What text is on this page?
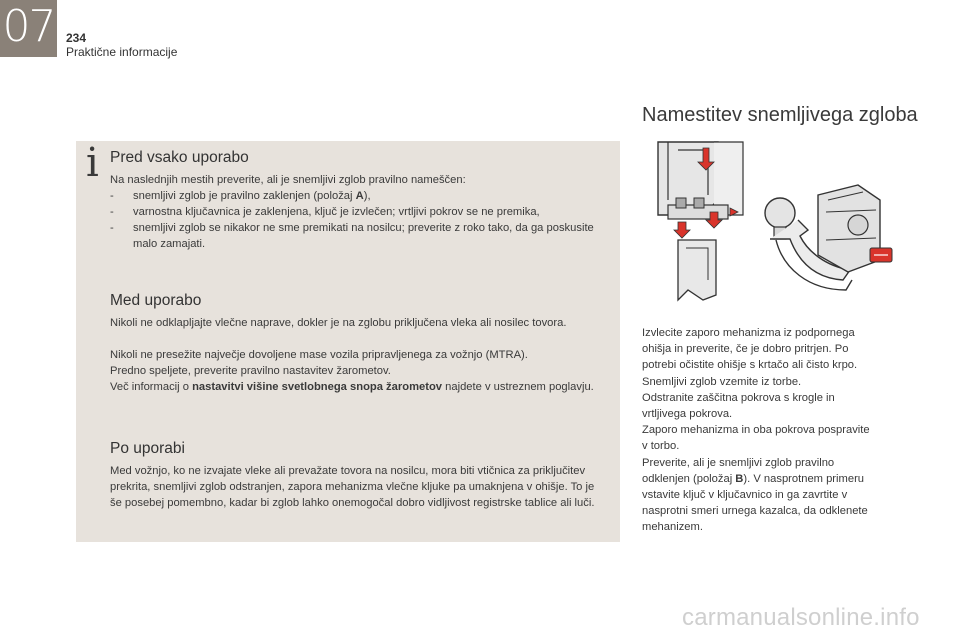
07 234
Praktične informacije
i Pred vsako uporabo
Na naslednjih mestih preverite, ali je snemljivi zglob pravilno nameščen:
- snemljivi zglob je pravilno zaklenjen (položaj A),
- varnostna ključavnica je zaklenjena, ključ je izvlečen; vrtljivi pokrov se ne premika,
- snemljivi zglob se nikakor ne sme premikati na nosilcu; preverite z roko tako, da ga poskusite malo zamajati.
Med uporabo
Nikoli ne odklapljajte vlečne naprave, dokler je na zglobu priključena vleka ali nosilec tovora.
Nikoli ne presežite največje dovoljene mase vozila pripravljenega za vožnjo (MTRA).
Predno speljete, preverite pravilno nastavitev žarometov.
Več informacij o nastavitvi višine svetlobnega snopa žarometov najdete v ustreznem poglavju.
Po uporabi
Med vožnjo, ko ne izvajate vleke ali prevažate tovora na nosilcu, mora biti vtičnica za priključitev prekrita, snemljivi zglob odstranjen, zapora mehanizma vlečne kljuke pa umaknjena v ohišje. To je še posebej pomembno, kadar bi zglob lahko onemogočal dobro vidljivost registrske tablice ali luči.
Namestitev snemljivega zgloba
Izvlecite zaporo mehanizma iz podpornega
ohišja in preverite, če je dobro pritrjen. Po
potrebi očistite ohišje s krtačo ali čisto krpo.
Snemljivi zglob vzemite iz torbe.
Odstranite zaščitna pokrova s krogle in
vrtljivega pokrova.
Zaporo mehanizma in oba pokrova pospravite
v torbo.
Preverite, ali je snemljivi zglob pravilno
odklenjen (položaj B). V nasprotnem primeru
vstavite ključ v ključavnico in ga zavrtite v
nasprotni smeri urnega kazalca, da odklenete
mehanizem.
carmanualsonline.info
